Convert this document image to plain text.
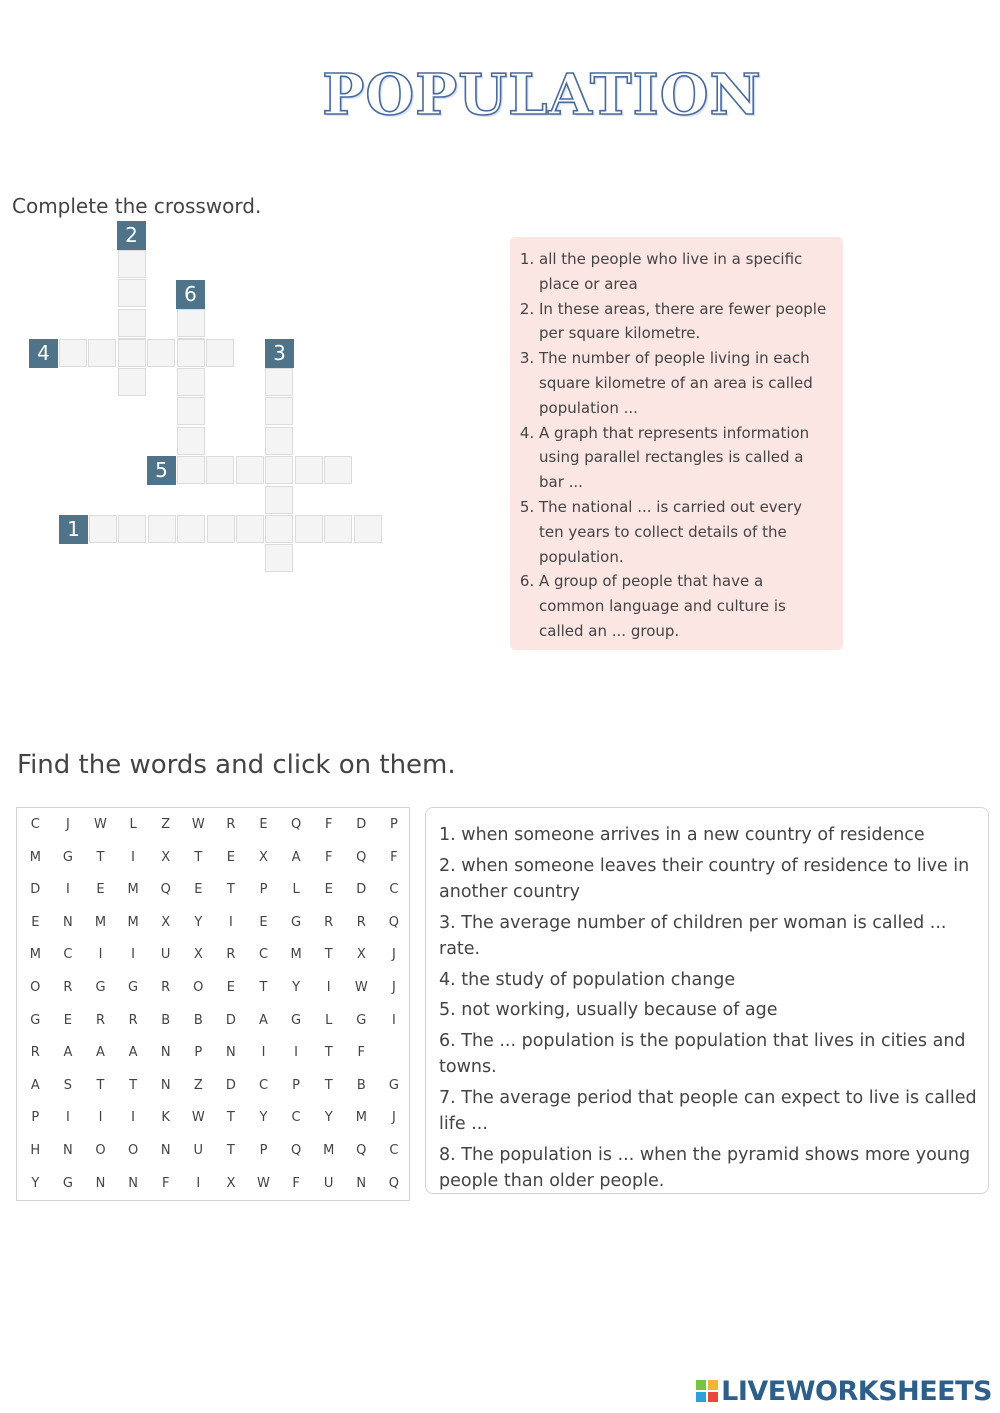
POPULATION
Complete the crossword.
2
6
4	3
5
1
1. all the people who live in a specific place or area
2. In these areas, there are fewer people per square kilometre.
3. The number of people living in each square kilometre of an area is called population ...
4. A graph that represents information using parallel rectangles is called a bar ...
5. The national ... is carried out every ten years to collect details of the population.
6. A group of people that have a common language and culture is called an ... group.
Find the words and click on them.
C	J	W	L	Z	W	R	E	Q	F	D	P
M	G	T	I	X	T	E	X	A	F	Q	F
D	I	E	M	Q	E	T	P	L	E	D	C
E	N	M	M	X	Y	I	E	G	R	R	Q
M	C	I	I	U	X	R	C	M	T	X	J
O	R	G	G	R	O	E	T	Y	I	W	J
G	E	R	R	B	B	D	A	G	L	G	I
R	A	A	A	N	P	N	I	I	T	F
A	S	T	T	N	Z	D	C	P	T	B	G
P	I	I	I	K	W	T	Y	C	Y	M	J
H	N	O	O	N	U	T	P	Q	M	Q	C
Y	G	N	N	F	I	X	W	F	U	N	Q
1. when someone arrives in a new country of residence
2. when someone leaves their country of residence to live in another country
3. The average number of children per woman is called ... rate.
4. the study of population change
5. not working, usually because of age
6. The ... population is the population that lives in cities and towns.
7. The average period that people can expect to live is called life ...
8. The population is ... when the pyramid shows more young people than older people.
LIVEWORKSHEETS
